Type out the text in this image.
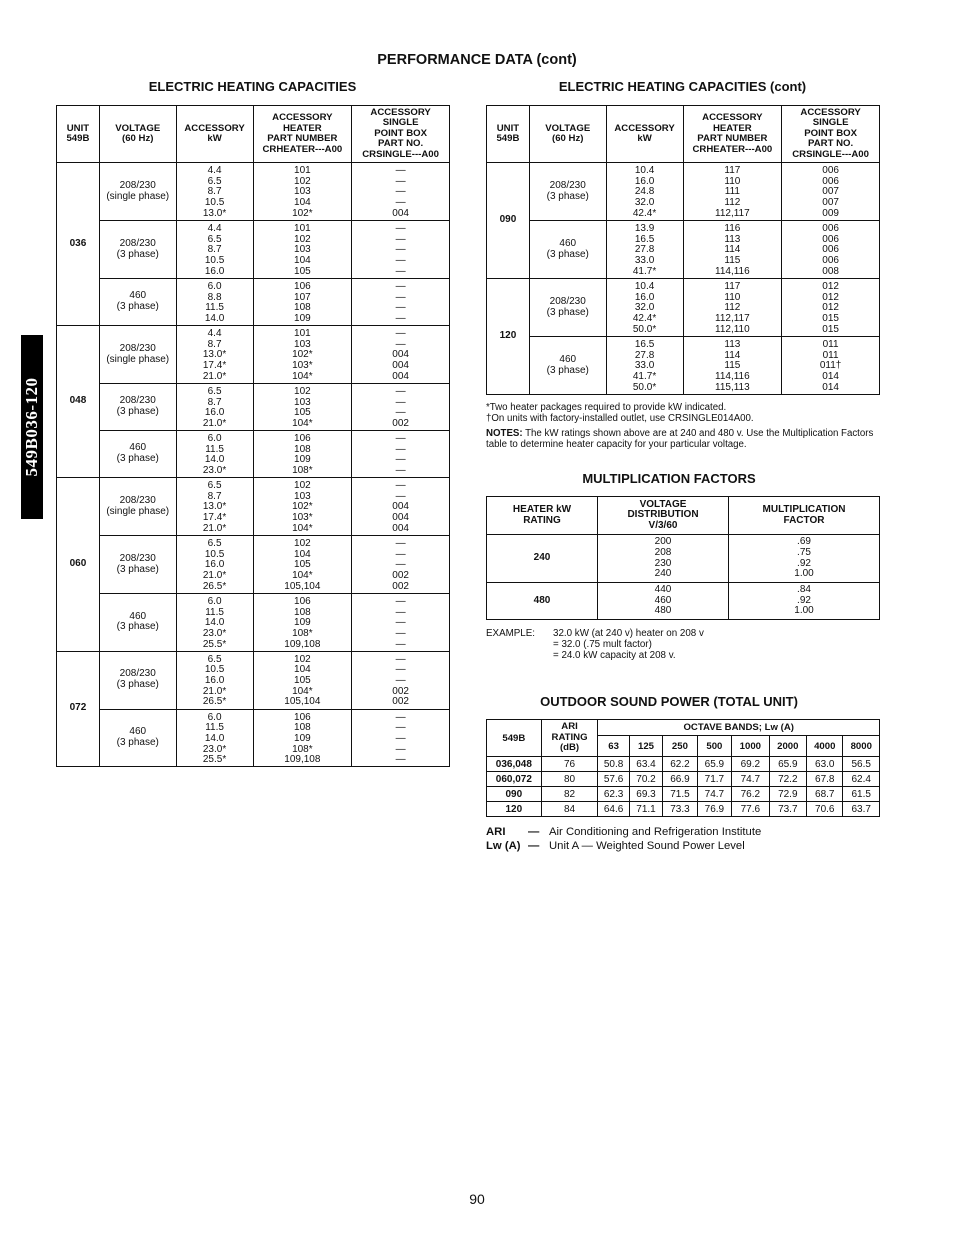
PERFORMANCE DATA (cont)
549B036-120
ELECTRIC HEATING CAPACITIES
UNIT
549B	VOLTAGE
(60 Hz)	ACCESSORY
kW	ACCESSORY
HEATER
PART NUMBER
CRHEATER---A00	ACCESSORY
SINGLE
POINT BOX
PART NO.
CRSINGLE---A00
036	208/230
(single phase)	4.4
6.5
8.7
10.5
13.0*	101
102
103
104
102*	—
—
—
—
004
	208/230
(3 phase)	4.4
6.5
8.7
10.5
16.0	101
102
103
104
105	—
—
—
—
—
	460
(3 phase)	6.0
8.8
11.5
14.0	106
107
108
109	—
—
—
—
048	208/230
(single phase)	4.4
8.7
13.0*
17.4*
21.0*	101
103
102*
103*
104*	—
—
004
004
004
	208/230
(3 phase)	6.5
8.7
16.0
21.0*	102
103
105
104*	—
—
—
002
	460
(3 phase)	6.0
11.5
14.0
23.0*	106
108
109
108*	—
—
—
—
060	208/230
(single phase)	6.5
8.7
13.0*
17.4*
21.0*	102
103
102*
103*
104*	—
—
004
004
004
	208/230
(3 phase)	6.5
10.5
16.0
21.0*
26.5*	102
104
105
104*
105,104	—
—
—
002
002
	460
(3 phase)	6.0
11.5
14.0
23.0*
25.5*	106
108
109
108*
109,108	—
—
—
—
—
072	208/230
(3 phase)	6.5
10.5
16.0
21.0*
26.5*	102
104
105
104*
105,104	—
—
—
002
002
	460
(3 phase)	6.0
11.5
14.0
23.0*
25.5*	106
108
109
108*
109,108	—
—
—
—
—
ELECTRIC HEATING CAPACITIES (cont)
UNIT
549B	VOLTAGE
(60 Hz)	ACCESSORY
kW	ACCESSORY
HEATER
PART NUMBER
CRHEATER---A00	ACCESSORY
SINGLE
POINT BOX
PART NO.
CRSINGLE---A00
090	208/230
(3 phase)	10.4
16.0
24.8
32.0
42.4*	117
110
111
112
112,117	006
006
007
007
009
	460
(3 phase)	13.9
16.5
27.8
33.0
41.7*	116
113
114
115
114,116	006
006
006
006
008
120	208/230
(3 phase)	10.4
16.0
32.0
42.4*
50.0*	117
110
112
112,117
112,110	012
012
012
015
015
	460
(3 phase)	16.5
27.8
33.0
41.7*
50.0*	113
114
115
114,116
115,113	011
011
011†
014
014
*Two heater packages required to provide kW indicated.
†On units with factory-installed outlet, use CRSINGLE014A00.
NOTES: The kW ratings shown above are at 240 and 480 v. Use the Multiplication Factors table to determine heater capacity for your particular voltage.
MULTIPLICATION FACTORS
HEATER kW
RATING	VOLTAGE
DISTRIBUTION
V/3/60	MULTIPLICATION
FACTOR
240	200
208
230
240	.69
.75
.92
1.00
480	440
460
480	.84
.92
1.00
EXAMPLE: 32.0 kW (at 240 v) heater on 208 v
= 32.0 (.75 mult factor)
= 24.0 kW capacity at 208 v.
OUTDOOR SOUND POWER (TOTAL UNIT)
549B	ARI
RATING
(dB)	OCTAVE BANDS; Lw (A)							
		63	125	250	500	1000	2000	4000	8000
036,048	76	50.8	63.4	62.2	65.9	69.2	65.9	63.0	56.5
060,072	80	57.6	70.2	66.9	71.7	74.7	72.2	67.8	62.4
090	82	62.3	69.3	71.5	74.7	76.2	72.9	68.7	61.5
120	84	64.6	71.1	73.3	76.9	77.6	73.7	70.6	63.7
ARI — Air Conditioning and Refrigeration Institute
Lw (A) — Unit A — Weighted Sound Power Level
90
